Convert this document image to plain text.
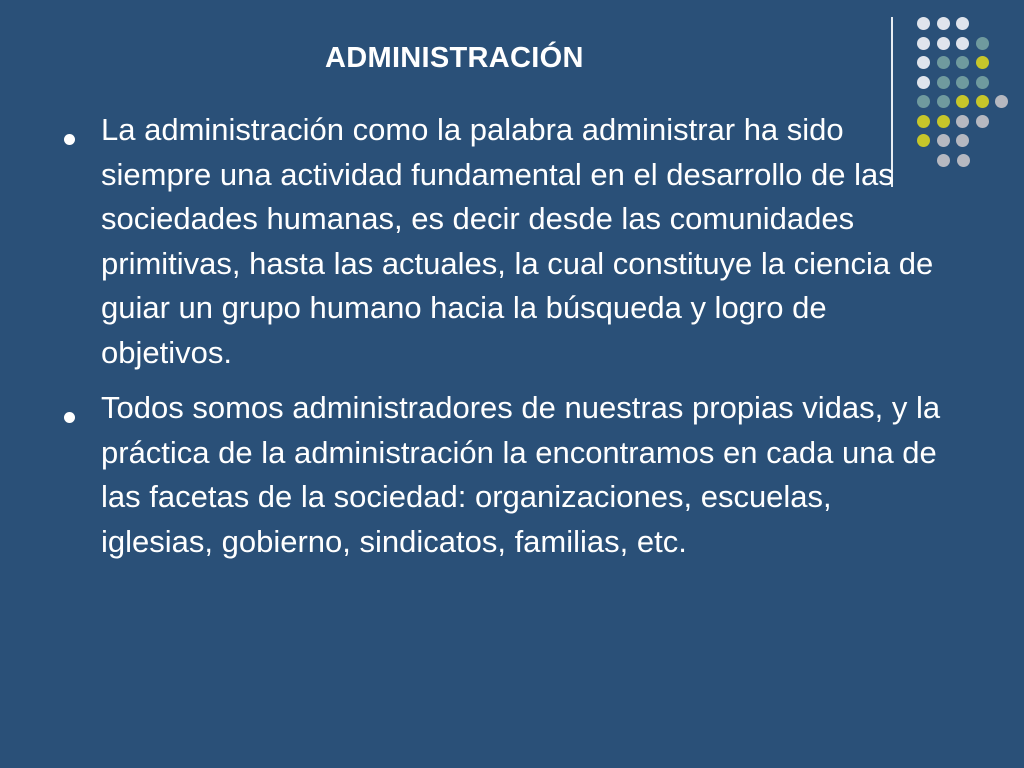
ADMINISTRACIÓN
La administración como la palabra administrar ha sido siempre una actividad fundamental en el desarrollo de las sociedades humanas, es decir desde las comunidades primitivas, hasta las actuales, la cual constituye la ciencia de guiar un grupo humano hacia la búsqueda y logro de objetivos.
Todos somos administradores de nuestras propias vidas, y la práctica de la administración la encontramos en cada una de las facetas de la sociedad: organizaciones, escuelas, iglesias, gobierno, sindicatos, familias, etc.
